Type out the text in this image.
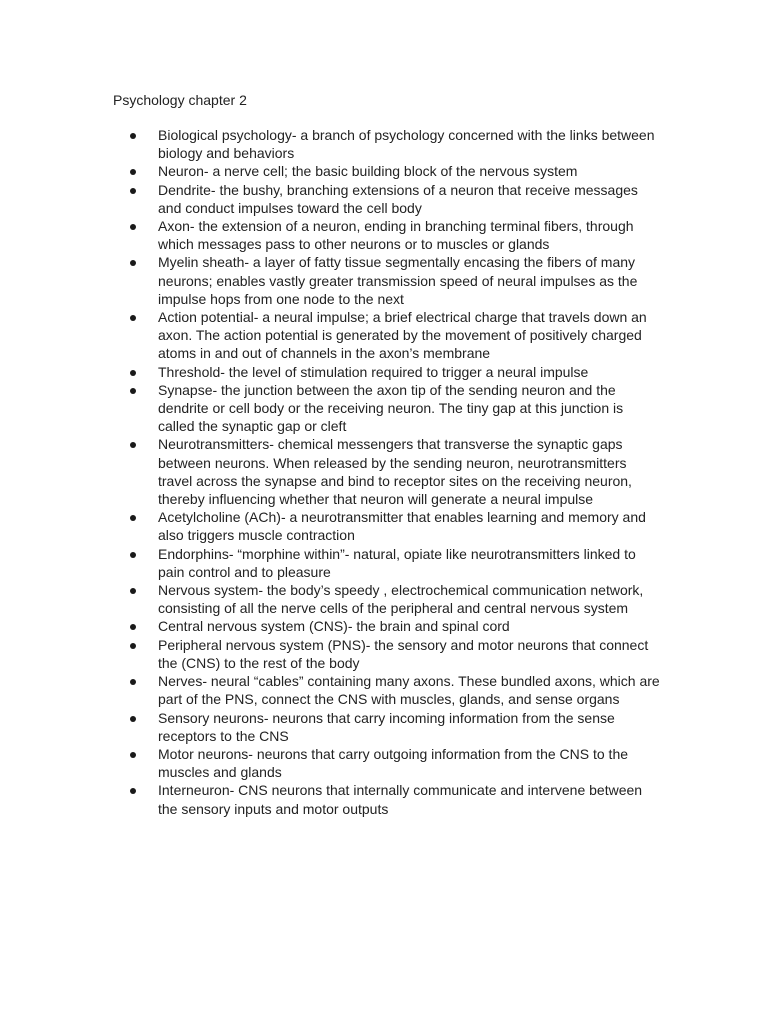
Psychology chapter 2
Biological psychology- a branch of psychology concerned with the links between biology and behaviors
Neuron- a nerve cell; the basic building block of the nervous system
Dendrite- the bushy, branching extensions of a neuron that receive messages and conduct impulses toward the cell body
Axon- the extension of a neuron, ending in branching terminal fibers, through which messages pass to other neurons or to muscles or glands
Myelin sheath- a layer of fatty tissue segmentally encasing the fibers of many neurons; enables vastly greater transmission speed of neural impulses as the impulse hops from one node to the next
Action potential- a neural impulse; a brief electrical charge that travels down an axon. The action potential is generated by the movement of positively charged atoms in and out of channels in the axon’s membrane
Threshold- the level of stimulation required to trigger a neural impulse
Synapse- the junction between the axon tip of the sending neuron and the dendrite or cell body or the receiving neuron. The tiny gap at this junction is called the synaptic gap or cleft
Neurotransmitters- chemical messengers that transverse the synaptic gaps between neurons. When released by the sending neuron, neurotransmitters travel across the synapse and bind to receptor sites on the receiving neuron, thereby influencing whether that neuron will generate a neural impulse
Acetylcholine (ACh)- a neurotransmitter that enables learning and memory and also triggers muscle contraction
Endorphins- “morphine within”- natural, opiate like neurotransmitters linked to pain control and to pleasure
Nervous system- the body’s speedy , electrochemical communication network, consisting of all the nerve cells of the peripheral and central nervous system
Central nervous system (CNS)- the brain and spinal cord
Peripheral nervous system (PNS)- the sensory and motor neurons that connect the (CNS) to the rest of the body
Nerves- neural “cables” containing many axons. These bundled axons, which are part of the PNS, connect the CNS with muscles, glands, and sense organs
Sensory neurons- neurons that carry incoming information from the sense receptors to the CNS
Motor neurons- neurons that carry outgoing information from the CNS to the muscles and glands
Interneuron- CNS neurons that internally communicate and intervene between the sensory inputs and motor outputs
